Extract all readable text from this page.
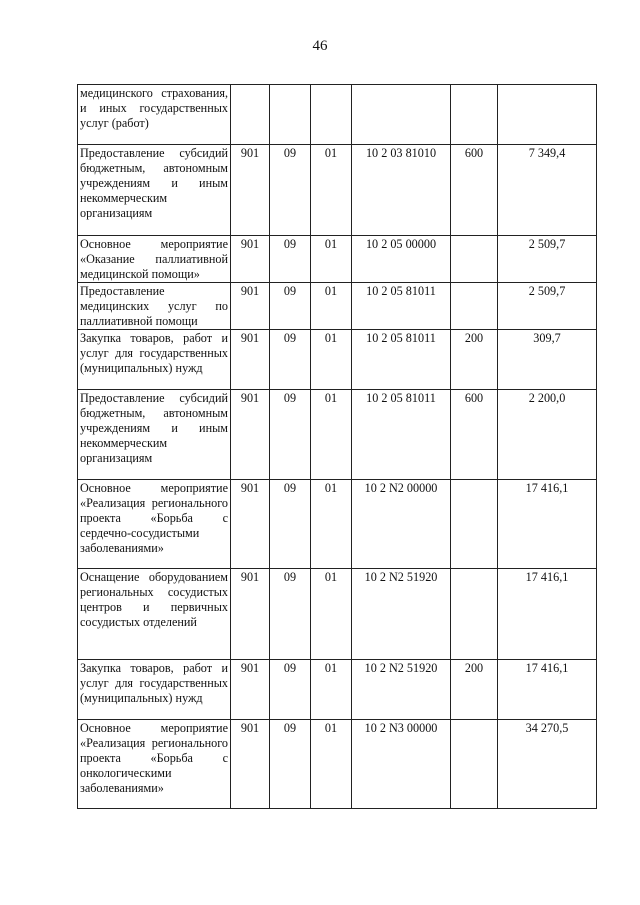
46
медицинского страхования, и иных государственных услуг (работ)						
Предоставление субсидий бюджетным, автономным учреждениям и иным некоммерческим организациям	901	09	01	10 2 03 81010	600	7 349,4
Основное мероприятие «Оказание паллиативной медицинской помощи»	901	09	01	10 2 05 00000		2 509,7
Предоставление медицинских услуг по паллиативной помощи	901	09	01	10 2 05 81011		2 509,7
Закупка товаров, работ и услуг для государственных (муниципальных) нужд	901	09	01	10 2 05 81011	200	309,7
Предоставление субсидий бюджетным, автономным учреждениям и иным некоммерческим организациям	901	09	01	10 2 05 81011	600	2 200,0
Основное мероприятие «Реализация регионального проекта «Борьба с сердечно-сосудистыми заболеваниями»	901	09	01	10 2 N2 00000		17 416,1
Оснащение оборудованием региональных сосудистых центров и первичных сосудистых отделений	901	09	01	10 2 N2 51920		17 416,1
Закупка товаров, работ и услуг для государственных (муниципальных) нужд	901	09	01	10 2 N2 51920	200	17 416,1
Основное мероприятие «Реализация регионального проекта «Борьба с онкологическими заболеваниями»	901	09	01	10 2 N3 00000		34 270,5
